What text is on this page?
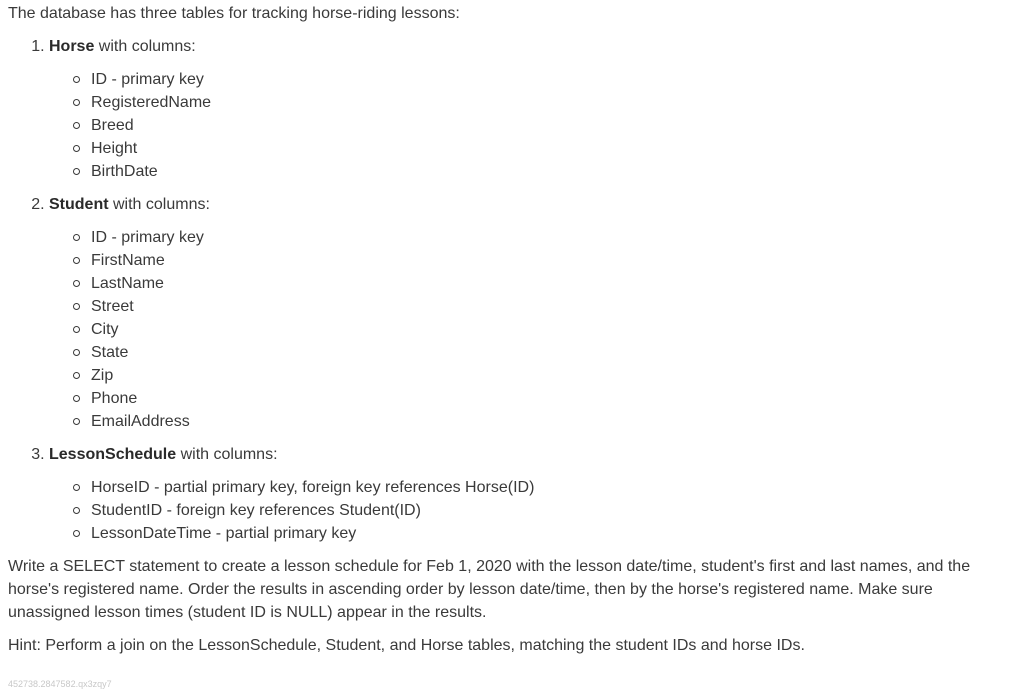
The database has three tables for tracking horse-riding lessons:

1. Horse with columns:
ID - primary key
RegisteredName
Breed
Height
BirthDate
2. Student with columns:
ID - primary key
FirstName
LastName
Street
City
State
Zip
Phone
EmailAddress
3. LessonSchedule with columns:
HorseID - partial primary key, foreign key references Horse(ID)
StudentID - foreign key references Student(ID)
LessonDateTime - partial primary key

Write a SELECT statement to create a lesson schedule for Feb 1, 2020 with the lesson date/time, student's first and last names, and the horse's registered name. Order the results in ascending order by lesson date/time, then by the horse's registered name. Make sure unassigned lesson times (student ID is NULL) appear in the results.

Hint: Perform a join on the LessonSchedule, Student, and Horse tables, matching the student IDs and horse IDs.

452738.2847582.qx3zqy7
